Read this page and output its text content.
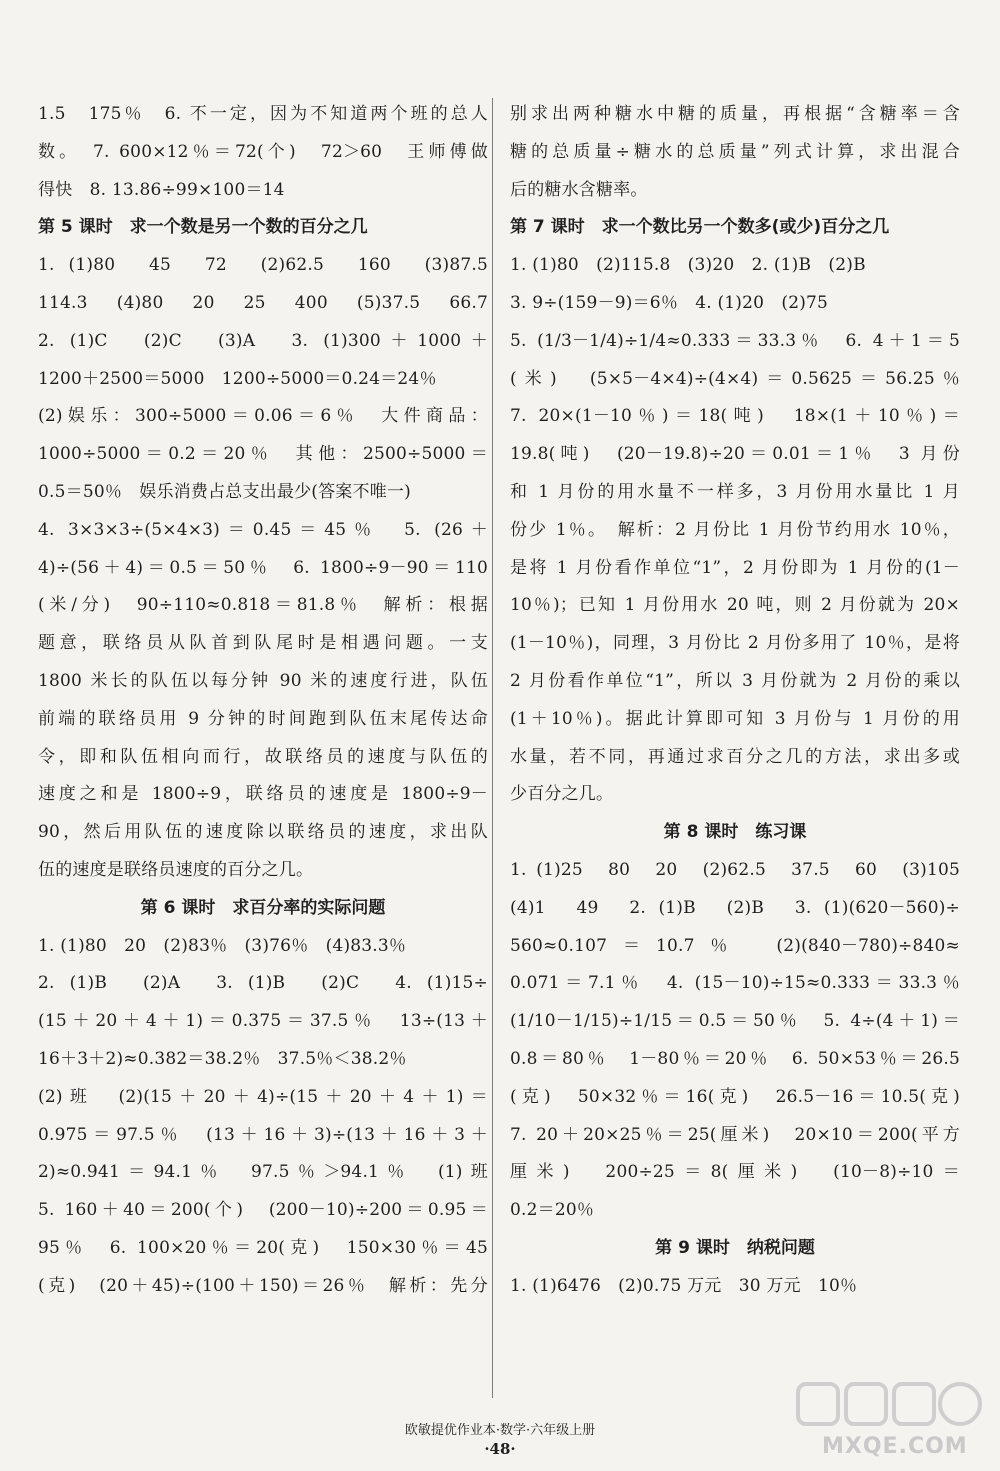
1.5　175％　6. 不一定，因为不知道两个班的总人
数。　7. 600×12％＝72(个)　72＞60　王师傅做
得快　8. 13.86÷99×100＝14
第 5 课时　求一个数是另一个数的百分之几
1. (1)80　45　72　(2)62.5　160　(3)87.5
114.3　(4)80　20　25　400　(5)37.5　66.7
2. (1)C　(2)C　(3)A　3. (1)300＋1000＋
1200＋2500＝5000　1200÷5000＝0.24＝24％
(2)娱乐：300÷5000＝0.06＝6％　大件商品：
1000÷5000＝0.2＝20％　其他：2500÷5000＝
0.5＝50％　娱乐消费占总支出最少(答案不唯一)
4. 3×3×3÷(5×4×3)＝0.45＝45％　5. (26＋
4)÷(56＋4)＝0.5＝50％　6. 1800÷9－90＝110
(米/分)　90÷110≈0.818＝81.8％　解析：根据
题意，联络员从队首到队尾时是相遇问题。一支
1800 米长的队伍以每分钟 90 米的速度行进，队伍
前端的联络员用 9 分钟的时间跑到队伍末尾传达命
令，即和队伍相向而行，故联络员的速度与队伍的
速度之和是 1800÷9，联络员的速度是 1800÷9－
90，然后用队伍的速度除以联络员的速度，求出队
伍的速度是联络员速度的百分之几。
第 6 课时　求百分率的实际问题
1. (1)80　20　(2)83％　(3)76％　(4)83.3％
2. (1)B　(2)A　3. (1)B　(2)C　4. (1)15÷
(15＋20＋4＋1)＝0.375＝37.5％　13÷(13＋
16＋3＋2)≈0.382＝38.2％　37.5％＜38.2％
(2)班　(2)(15＋20＋4)÷(15＋20＋4＋1)＝
0.975＝97.5％　(13＋16＋3)÷(13＋16＋3＋
2)≈0.941＝94.1％　97.5％＞94.1％　(1)班
5. 160＋40＝200(个)　(200－10)÷200＝0.95＝
95％　6. 100×20％＝20(克)　150×30％＝45
(克)　(20＋45)÷(100＋150)＝26％　解析：先分
别求出两种糖水中糖的质量，再根据“含糖率＝含
糖的总质量÷糖水的总质量”列式计算，求出混合
后的糖水含糖率。
第 7 课时　求一个数比另一个数多(或少)百分之几
1. (1)80　(2)115.8　(3)20　2. (1)B　(2)B
3. 9÷(159－9)＝6％　4. (1)20　(2)75
5. (1/3－1/4)÷1/4≈0.333＝33.3％　6. 4＋1＝5
(米)　(5×5－4×4)÷(4×4)＝0.5625＝56.25％
7. 20×(1－10％)＝18(吨)　18×(1＋10％)＝
19.8(吨)　(20－19.8)÷20＝0.01＝1％　3 月份
和 1 月份的用水量不一样多，3 月份用水量比 1 月
份少 1％。　解析：2 月份比 1 月份节约用水 10％，
是将 1 月份看作单位“1”，2 月份即为 1 月份的(1－
10％)；已知 1 月份用水 20 吨，则 2 月份就为 20×
(1－10％)，同理，3 月份比 2 月份多用了 10％，是将
2 月份看作单位“1”，所以 3 月份就为 2 月份的乘以
(1＋10％)。据此计算即可知 3 月份与 1 月份的用
水量，若不同，再通过求百分之几的方法，求出多或
少百分之几。
第 8 课时　练习课
1. (1)25　80　20　(2)62.5　37.5　60　(3)105
(4)1　49　2. (1)B　(2)B　3. (1)(620－560)÷
560≈0.107＝10.7％　(2)(840－780)÷840≈
0.071＝7.1％　4. (15－10)÷15≈0.333＝33.3％
(1/10－1/15)÷1/15＝0.5＝50％　5. 4÷(4＋1)＝
0.8＝80％　1－80％＝20％　6. 50×53％＝26.5
(克)　50×32％＝16(克)　26.5－16＝10.5(克)
7. 20＋20×25％＝25(厘米)　20×10＝200(平方
厘米)　200÷25＝8(厘米)　(10－8)÷10＝
0.2＝20％
第 9 课时　纳税问题
1. (1)6476　(2)0.75 万元　30 万元　10％
欧敏提优作业本·数学·六年级上册
·48·	MXQE.COM
